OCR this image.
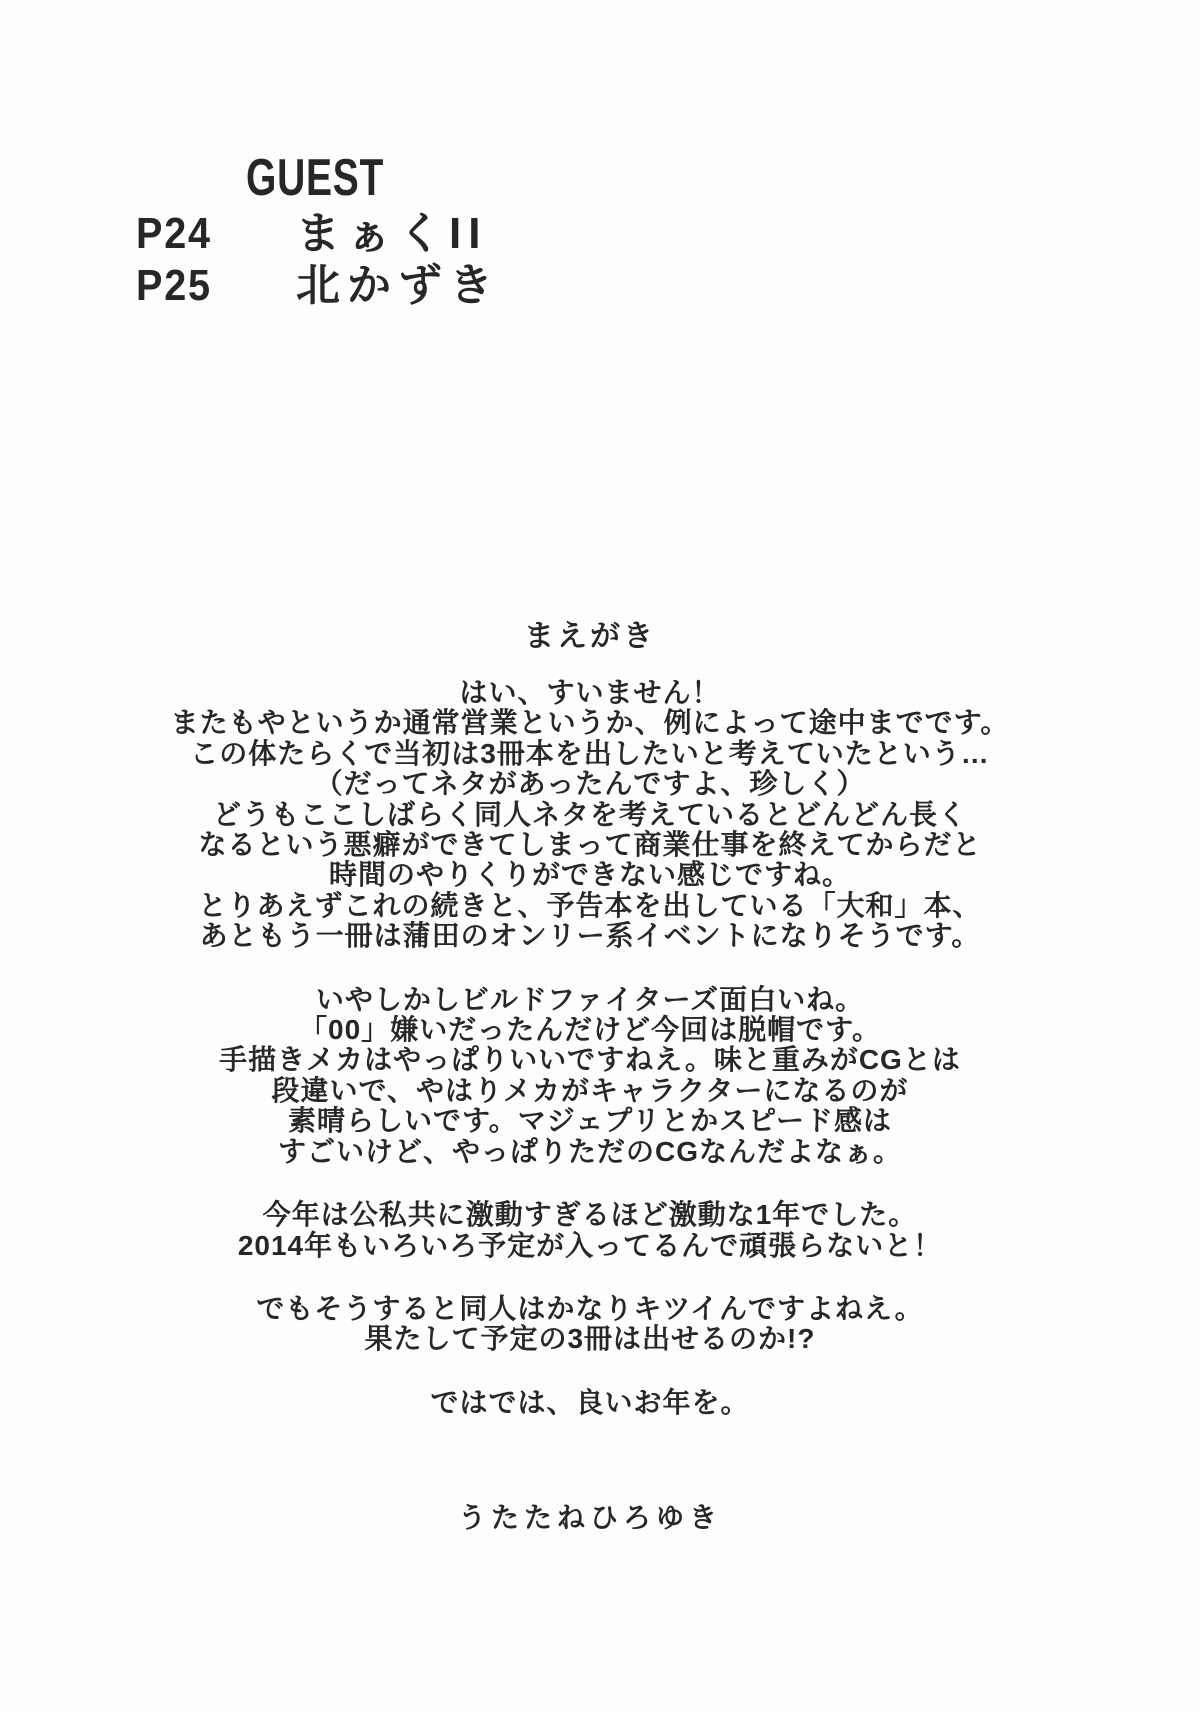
GUEST
P24 まぁくII
P25 北かずき
まえがき
はい、すいません！
またもやというか通常営業というか、例によって途中までです。
この体たらくで当初は3冊本を出したいと考えていたという…
（だってネタがあったんですよ、珍しく）
どうもここしばらく同人ネタを考えているとどんどん長く
なるという悪癖ができてしまって商業仕事を終えてからだと
時間のやりくりができない感じですね。
とりあえずこれの続きと、予告本を出している「大和」本、
あともう一冊は蒲田のオンリー系イベントになりそうです。
いやしかしビルドファイターズ面白いね。
「00」嫌いだったんだけど今回は脱帽です。
手描きメカはやっぱりいいですねえ。味と重みがCGとは
段違いで、やはりメカがキャラクターになるのが
素晴らしいです。マジェプリとかスピード感は
すごいけど、やっぱりただのCGなんだよなぁ。
今年は公私共に激動すぎるほど激動な1年でした。
2014年もいろいろ予定が入ってるんで頑張らないと！
でもそうすると同人はかなりキツイんですよねえ。
果たして予定の3冊は出せるのか!?
ではでは、良いお年を。
うたたねひろゆき
